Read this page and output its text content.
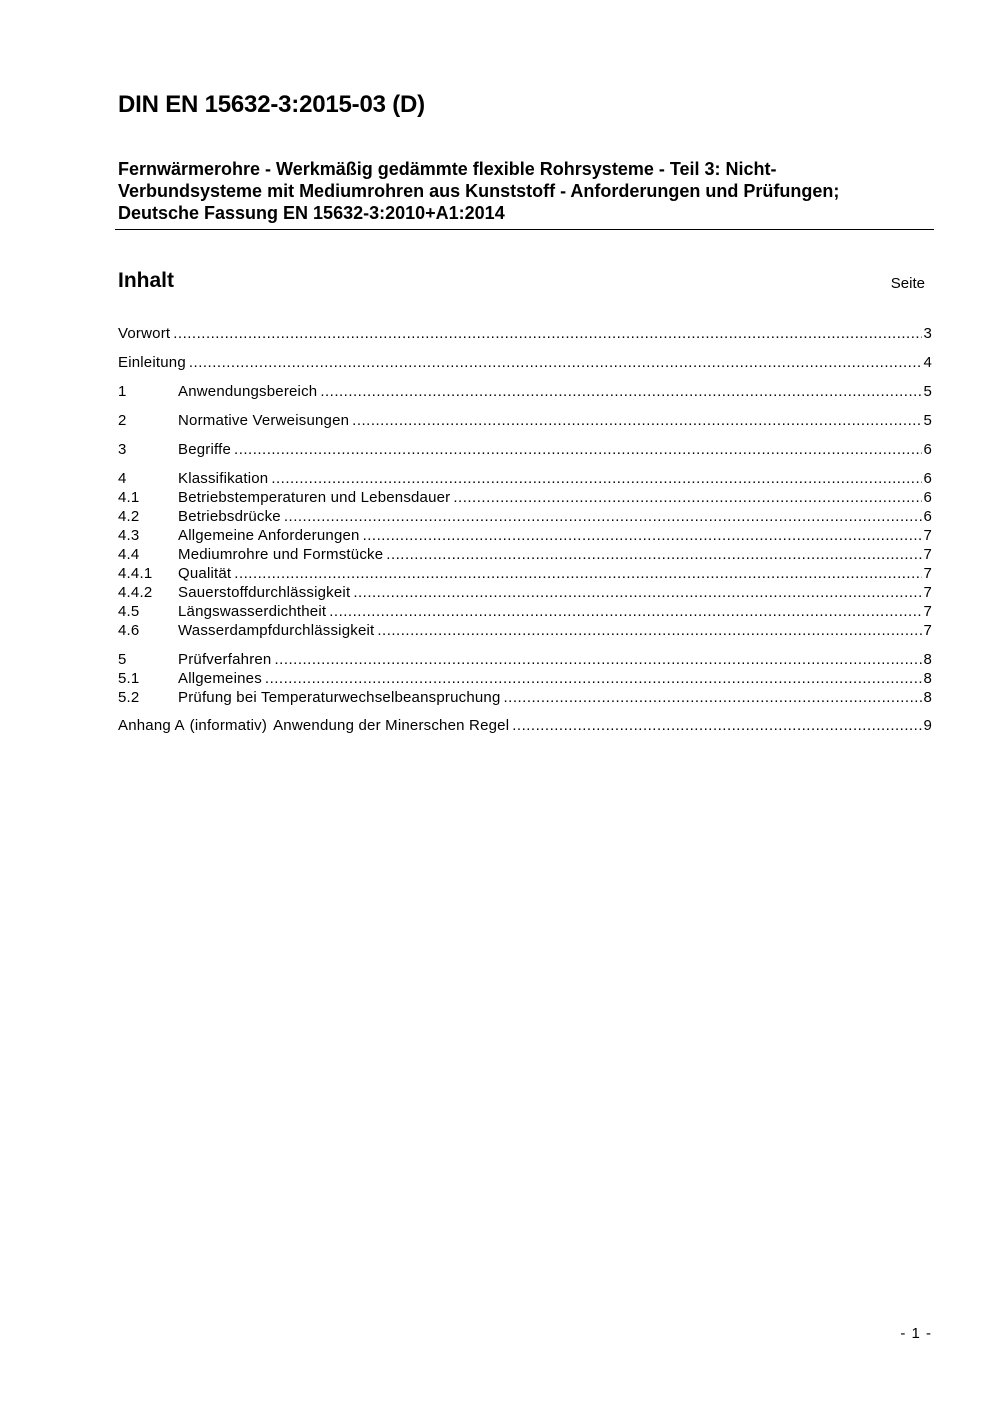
DIN EN 15632-3:2015-03 (D)
Fernwärmerohre - Werkmäßig gedämmte flexible Rohrsysteme - Teil 3: Nicht-
Verbundsysteme mit Mediumrohren aus Kunststoff - Anforderungen und Prüfungen;
Deutsche Fassung EN 15632-3:2010+A1:2014
Inhalt	Seite
Vorwort .....	3
Einleitung .....	4
1	Anwendungsbereich .....	5
2	Normative Verweisungen .....	5
3	Begriffe .....	6
4	Klassifikation .....	6
4.1	Betriebstemperaturen und Lebensdauer .....	6
4.2	Betriebsdrücke .....	6
4.3	Allgemeine Anforderungen .....	7
4.4	Mediumrohre und Formstücke .....	7
4.4.1	Qualität .....	7
4.4.2	Sauerstoffdurchlässigkeit .....	7
4.5	Längswasserdichtheit .....	7
4.6	Wasserdampfdurchlässigkeit .....	7
5	Prüfverfahren .....	8
5.1	Allgemeines .....	8
5.2	Prüfung bei Temperaturwechselbeanspruchung .....	8
Anhang A (informativ) Anwendung der Minerschen Regel .....	9
- 1 -
